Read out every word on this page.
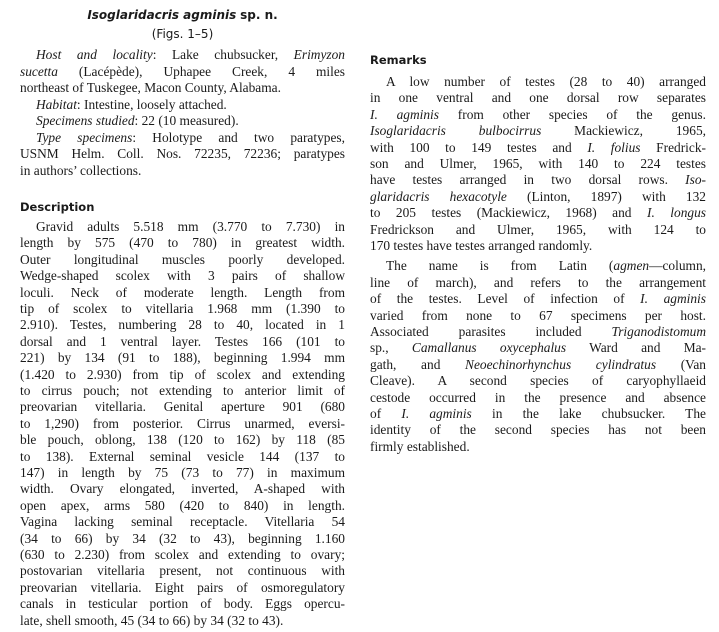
Isoglaridacris agminis sp. n.
(Figs. 1–5)
Host and locality: Lake chubsucker, Erimyzon
sucetta (Lacépède), Uphapee Creek, 4 miles
northeast of Tuskegee, Macon County, Alabama.
Habitat: Intestine, loosely attached.
Specimens studied: 22 (10 measured).
Type specimens: Holotype and two paratypes,
USNM Helm. Coll. Nos. 72235, 72236; paratypes
in authors’ collections.
Description
Gravid adults 5.518 mm (3.770 to 7.730) in
length by 575 (470 to 780) in greatest width.
Outer longitudinal muscles poorly developed.
Wedge-shaped scolex with 3 pairs of shallow
loculi. Neck of moderate length. Length from
tip of scolex to vitellaria 1.968 mm (1.390 to
2.910). Testes, numbering 28 to 40, located in 1
dorsal and 1 ventral layer. Testes 166 (101 to
221) by 134 (91 to 188), beginning 1.994 mm
(1.420 to 2.930) from tip of scolex and extending
to cirrus pouch; not extending to anterior limit of
preovarian vitellaria. Genital aperture 901 (680
to 1,290) from posterior. Cirrus unarmed, eversi-
ble pouch, oblong, 138 (120 to 162) by 118 (85
to 138). External seminal vesicle 144 (137 to
147) in length by 75 (73 to 77) in maximum
width. Ovary elongated, inverted, A-shaped with
open apex, arms 580 (420 to 840) in length.
Vagina lacking seminal receptacle. Vitellaria 54
(34 to 66) by 34 (32 to 43), beginning 1.160
(630 to 2.230) from scolex and extending to ovary;
postovarian vitellaria present, not continuous with
preovarian vitellaria. Eight pairs of osmoregulatory
canals in testicular portion of body. Eggs opercu-
late, shell smooth, 45 (34 to 66) by 34 (32 to 43).
Remarks
A low number of testes (28 to 40) arranged
in one ventral and one dorsal row separates
I. agminis from other species of the genus.
Isoglaridacris bulbocirrus Mackiewicz, 1965,
with 100 to 149 testes and I. folius Fredrick-
son and Ulmer, 1965, with 140 to 224 testes
have testes arranged in two dorsal rows. Iso-
glaridacris hexacotyle (Linton, 1897) with 132
to 205 testes (Mackiewicz, 1968) and I. longus
Fredrickson and Ulmer, 1965, with 124 to
170 testes have testes arranged randomly.
The name is from Latin (agmen—column,
line of march), and refers to the arrangement
of the testes. Level of infection of I. agminis
varied from none to 67 specimens per host.
Associated parasites included Triganodistomum
sp., Camallanus oxycephalus Ward and Ma-
gath, and Neoechinorhynchus cylindratus (Van
Cleave). A second species of caryophyllaeid
cestode occurred in the presence and absence
of I. agminis in the lake chubsucker. The
identity of the second species has not been
firmly established.
